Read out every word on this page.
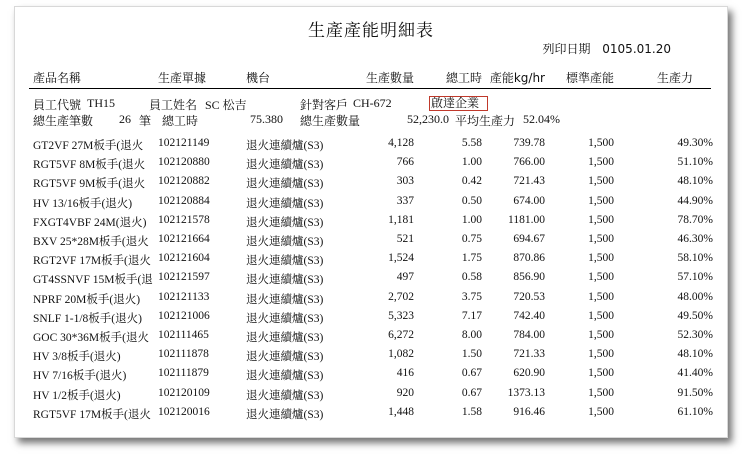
生產產能明細表
列印日期 0105.01.20
產品名稱	生產單據	機台	生產數量	總工時 產能kg/hr 標準產能	生產力
員工代號 TH15	員工姓名 SC 松吉	針對客戶 CH-672	啟達企業
總生產筆數 26 筆 總工時	75.380 總生產數量	52,230.0 平均生產力 52.04%
GT2VF 27M板手(退火	102121149	退火連續爐(S3)	4,128	5.58	739.78	1,500	49.30%
RGT5VF 8M板手(退火	102120880	退火連續爐(S3)	766	1.00	766.00	1,500	51.10%
RGT5VF 9M板手(退火	102120882	退火連續爐(S3)	303	0.42	721.43	1,500	48.10%
HV 13/16板手(退火)	102120884	退火連續爐(S3)	337	0.50	674.00	1,500	44.90%
FXGT4VBF 24M(退火)	102121578	退火連續爐(S3)	1,181	1.00 1181.00	1,500	78.70%
BXV 25*28M板手(退火 102121664	退火連續爐(S3)	521	0.75	694.67	1,500	46.30%
RGT2VF 17M板手(退火 102121604	退火連續爐(S3)	1,524	1.75	870.86	1,500	58.10%
GT4SSNVF 15M板手(退 102121597	退火連續爐(S3)	497	0.58	856.90	1,500	57.10%
NPRF 20M板手(退火)	102121133	退火連續爐(S3)	2,702	3.75	720.53	1,500	48.00%
SNLF 1-1/8板手(退火)	102121006	退火連續爐(S3)	5,323	7.17	742.40	1,500	49.50%
GOC 30*36M板手(退火 102111465	退火連續爐(S3)	6,272	8.00	784.00	1,500	52.30%
HV 3/8板手(退火)	102111878	退火連續爐(S3)	1,082	1.50	721.33	1,500	48.10%
HV 7/16板手(退火)	102111879	退火連續爐(S3)	416	0.67	620.90	1,500	41.40%
HV 1/2板手(退火)	102120109	退火連續爐(S3)	920	0.67 1373.13	1,500	91.50%
RGT5VF 17M板手(退火 102120016	退火連續爐(S3)	1,448	1.58	916.46	1,500	61.10%
